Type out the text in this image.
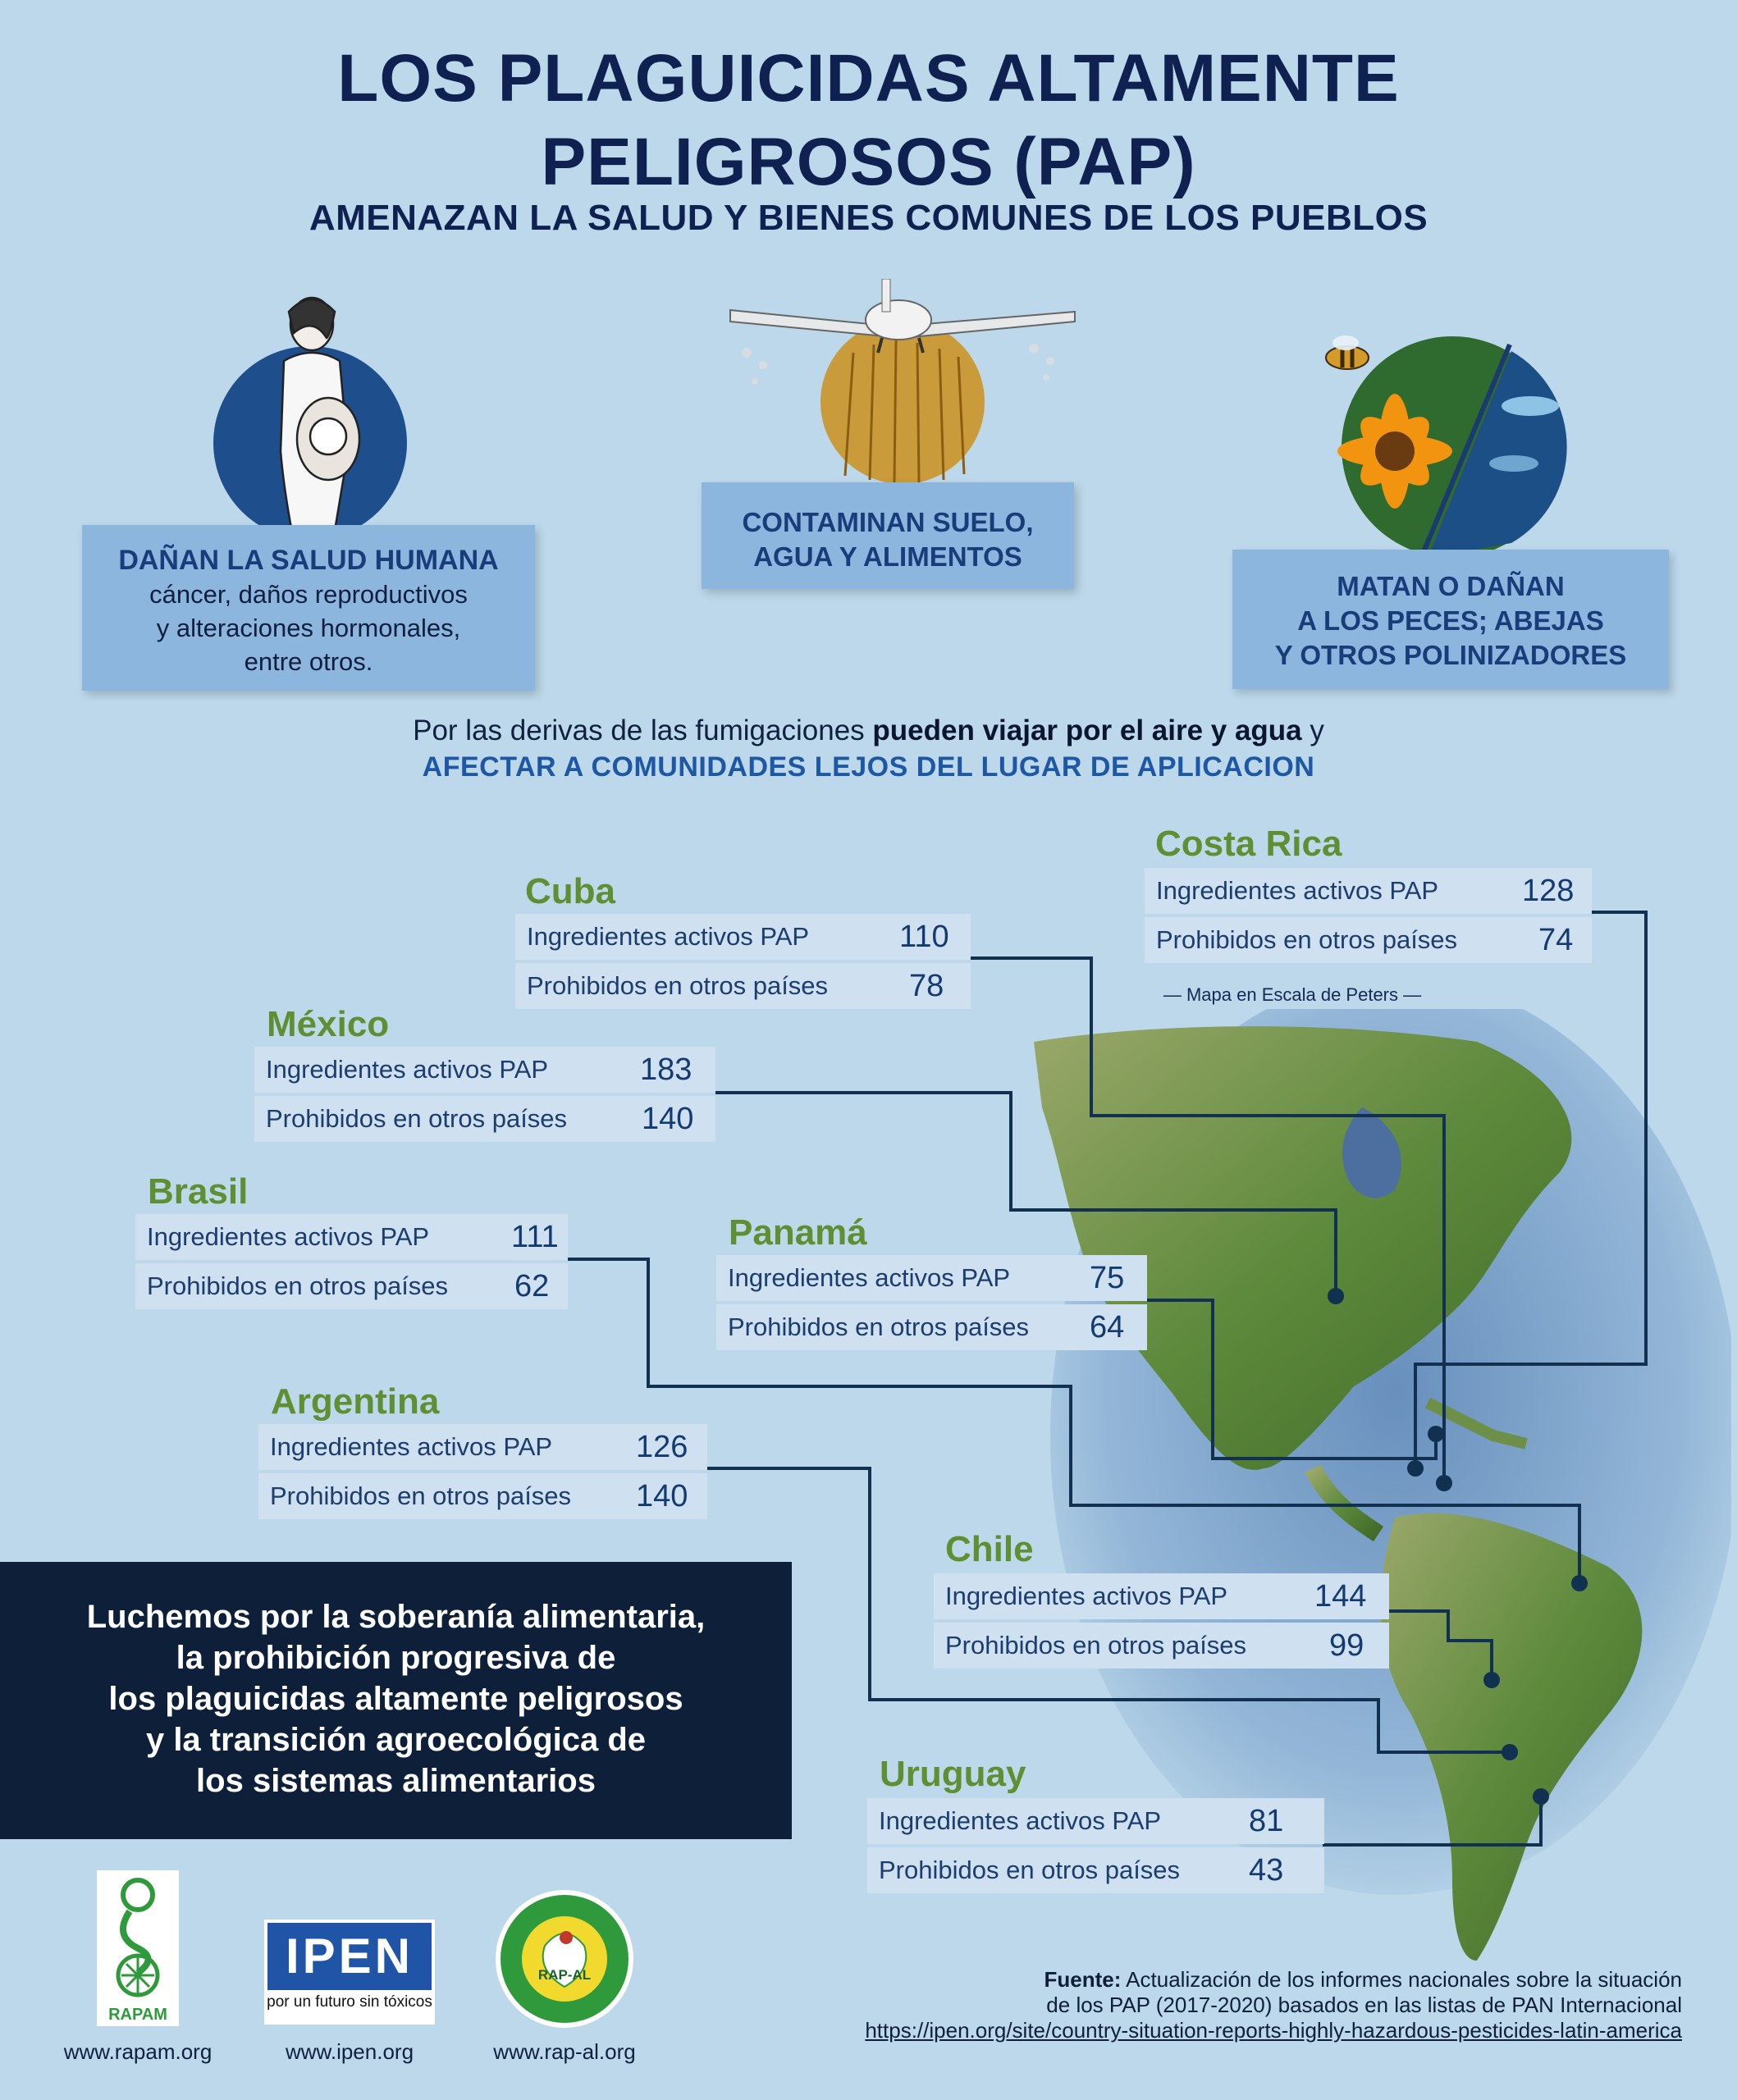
LOS PLAGUICIDAS ALTAMENTE
PELIGROSOS (PAP)
AMENAZAN LA SALUD Y BIENES COMUNES DE LOS PUEBLOS
DAÑAN LA SALUD HUMANA
cáncer, daños reproductivos
y alteraciones hormonales,
entre otros.
CONTAMINAN SUELO,
AGUA Y ALIMENTOS
MATAN O DAÑAN
A LOS PECES; ABEJAS
Y OTROS POLINIZADORES
Por las derivas de las fumigaciones pueden viajar por el aire y agua y
AFECTAR A COMUNIDADES LEJOS DEL LUGAR DE APLICACION
— Mapa en Escala de Peters —
Costa Rica
Ingredientes activos PAP	128
Prohibidos en otros países	74
Cuba
Ingredientes activos PAP	110
Prohibidos en otros países	78
México
Ingredientes activos PAP	183
Prohibidos en otros países 140
Brasil
Ingredientes activos PAP	111
Prohibidos en otros países 62
Panamá
Ingredientes activos PAP	75
Prohibidos en otros países 64
Argentina
Ingredientes activos PAP	126
Prohibidos en otros países 140
Chile
Ingredientes activos PAP	144
Prohibidos en otros países	99
Uruguay
Ingredientes activos PAP	81
Prohibidos en otros países 43
Luchemos por la soberanía alimentaria,
la prohibición progresiva de
los plaguicidas altamente peligrosos
y la transición agroecológica de
los sistemas alimentarios
RAPAM
www.rapam.org
IPEN
por un futuro sin tóxicos
www.ipen.org
RAP-AL
www.rap-al.org
Fuente: Actualización de los informes nacionales sobre la situación
de los PAP (2017-2020) basados en las listas de PAN Internacional
https://ipen.org/site/country-situation-reports-highly-hazardous-pesticides-latin-america
